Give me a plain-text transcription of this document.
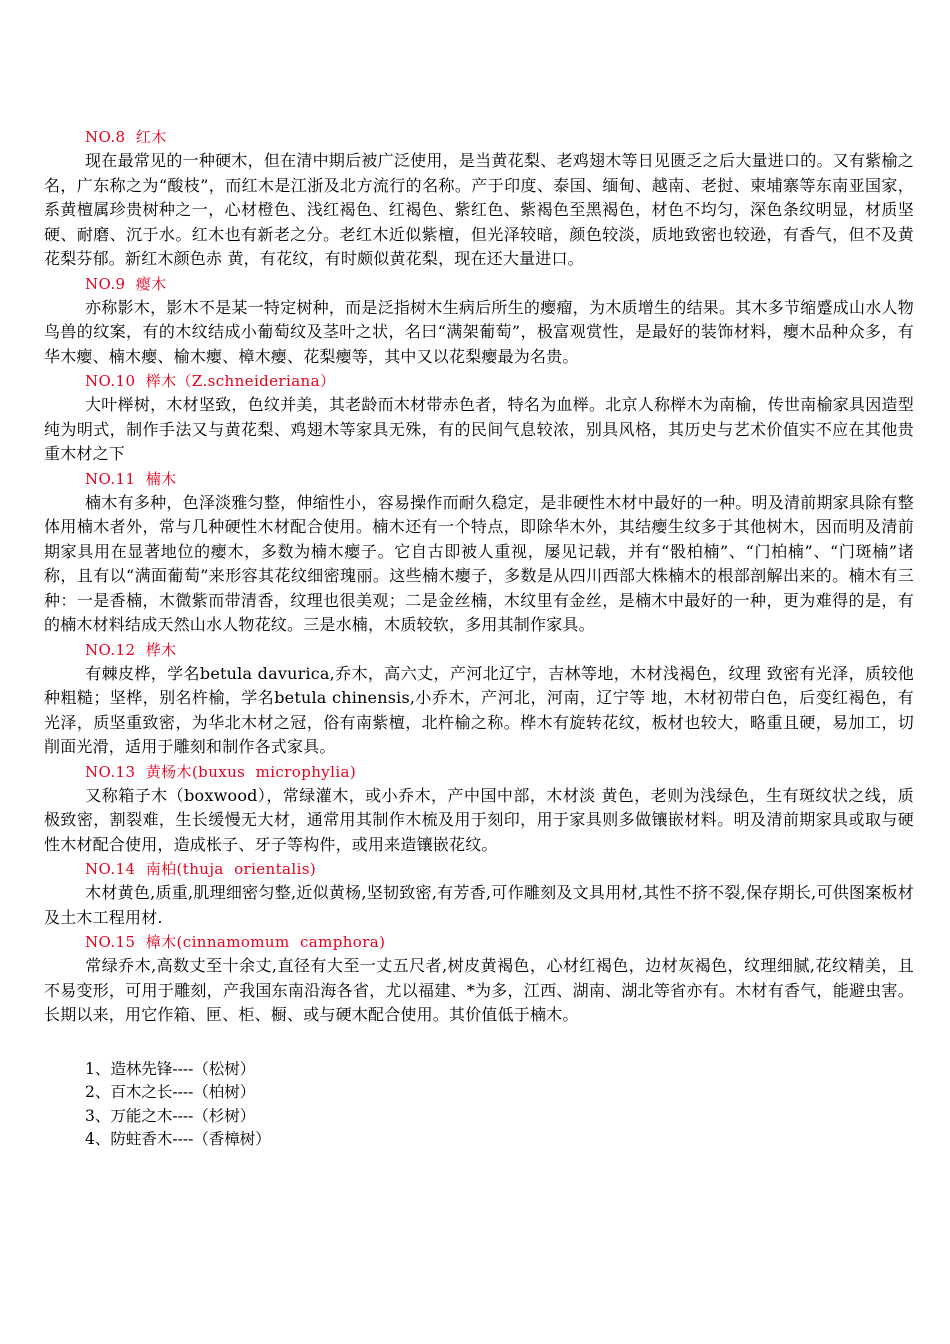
NO.8  红木
现在最常见的一种硬木，但在清中期后被广泛使用，是当黄花梨、老鸡翅木等日见匮乏之后大量进口的。又有紫榆之名，广东称之为“酸枝”，而红木是江浙及北方流行的名称。产于印度、泰国、缅甸、越南、老挝、柬埔寨等东南亚国家，系黄檀属珍贵树种之一，心材橙色、浅红褐色、红褐色、紫红色、紫褐色至黑褐色，材色不均匀，深色条纹明显，材质坚硬、耐磨、沉于水。红木也有新老之分。老红木近似紫檀，但光泽较暗，颜色较淡，质地致密也较逊，有香气，但不及黄花梨芬郁。新红木颜色赤 黄，有花纹，有时颇似黄花梨，现在还大量进口。
NO.9  瘿木
亦称影木，影木不是某一特定树种，而是泛指树木生病后所生的瘿瘤，为木质增生的结果。其木多节缩蹙成山水人物鸟兽的纹案，有的木纹结成小葡萄纹及茎叶之状，名曰“满架葡萄”，极富观赏性，是最好的装饰材料，瘿木品种众多，有华木瘿、楠木瘿、榆木瘿、樟木瘿、花梨瘿等，其中又以花梨瘿最为名贵。
NO.10  榉木（Z.schneideriana）
大叶榉树，木材坚致，色纹并美，其老龄而木材带赤色者，特名为血榉。北京人称榉木为南榆，传世南榆家具因造型纯为明式，制作手法又与黄花梨、鸡翅木等家具无殊，有的民间气息较浓，别具风格，其历史与艺术价值实不应在其他贵重木材之下
NO.11  楠木
楠木有多种，色泽淡雅匀整，伸缩性小，容易操作而耐久稳定，是非硬性木材中最好的一种。明及清前期家具除有整体用楠木者外，常与几种硬性木材配合使用。楠木还有一个特点，即除华木外，其结瘿生纹多于其他树木，因而明及清前期家具用在显著地位的瘿木，多数为楠木瘿子。它自古即被人重视，屡见记载，并有“骰柏楠”、“门柏楠”、“门斑楠”诸称，且有以“满面葡萄”来形容其花纹细密瑰丽。这些楠木瘿子，多数是从四川西部大株楠木的根部剖解出来的。楠木有三种：一是香楠，木微紫而带清香，纹理也很美观；二是金丝楠，木纹里有金丝，是楠木中最好的一种，更为难得的是，有的楠木材料结成天然山水人物花纹。三是水楠，木质较软，多用其制作家具。
NO.12  桦木
有棘皮桦，学名betula davurica,乔木，高六丈，产河北辽宁，吉林等地，木材浅褐色，纹理 致密有光泽，质较他种粗糙；坚桦，别名杵榆，学名betula chinensis,小乔木，产河北，河南，辽宁等 地，木材初带白色，后变红褐色，有光泽，质坚重致密，为华北木材之冠，俗有南紫檀，北杵榆之称。桦木有旋转花纹，板材也较大，略重且硬，易加工，切削面光滑，适用于雕刻和制作各式家具。
NO.13  黄杨木(buxus  microphylia)
又称箱子木（boxwood），常绿灌木，或小乔木，产中国中部，木材淡 黄色，老则为浅绿色，生有斑纹状之线，质极致密，割裂难，生长缓慢无大材，通常用其制作木梳及用于刻印，用于家具则多做镶嵌材料。明及清前期家具或取与硬性木材配合使用，造成枨子、牙子等构件，或用来造镶嵌花纹。
NO.14  南柏(thuja  orientalis)
木材黄色,质重,肌理细密匀整,近似黄杨,坚韧致密,有芳香,可作雕刻及文具用材,其性不挤不裂,保存期长,可供图案板材及土木工程用材.
NO.15  樟木(cinnamomum  camphora)
常绿乔木,高数丈至十余丈,直径有大至一丈五尺者,树皮黄褐色，心材红褐色，边材灰褐色，纹理细腻,花纹精美，且不易变形，可用于雕刻，产我国东南沿海各省，尤以福建、*为多，江西、湖南、湖北等省亦有。木材有香气，能避虫害。长期以来，用它作箱、匣、柜、橱、或与硬木配合使用。其价值低于楠木。
1、造林先锋----（松树）
2、百木之长----（柏树）
3、万能之木----（杉树）
4、防蛀香木----（香樟树）
